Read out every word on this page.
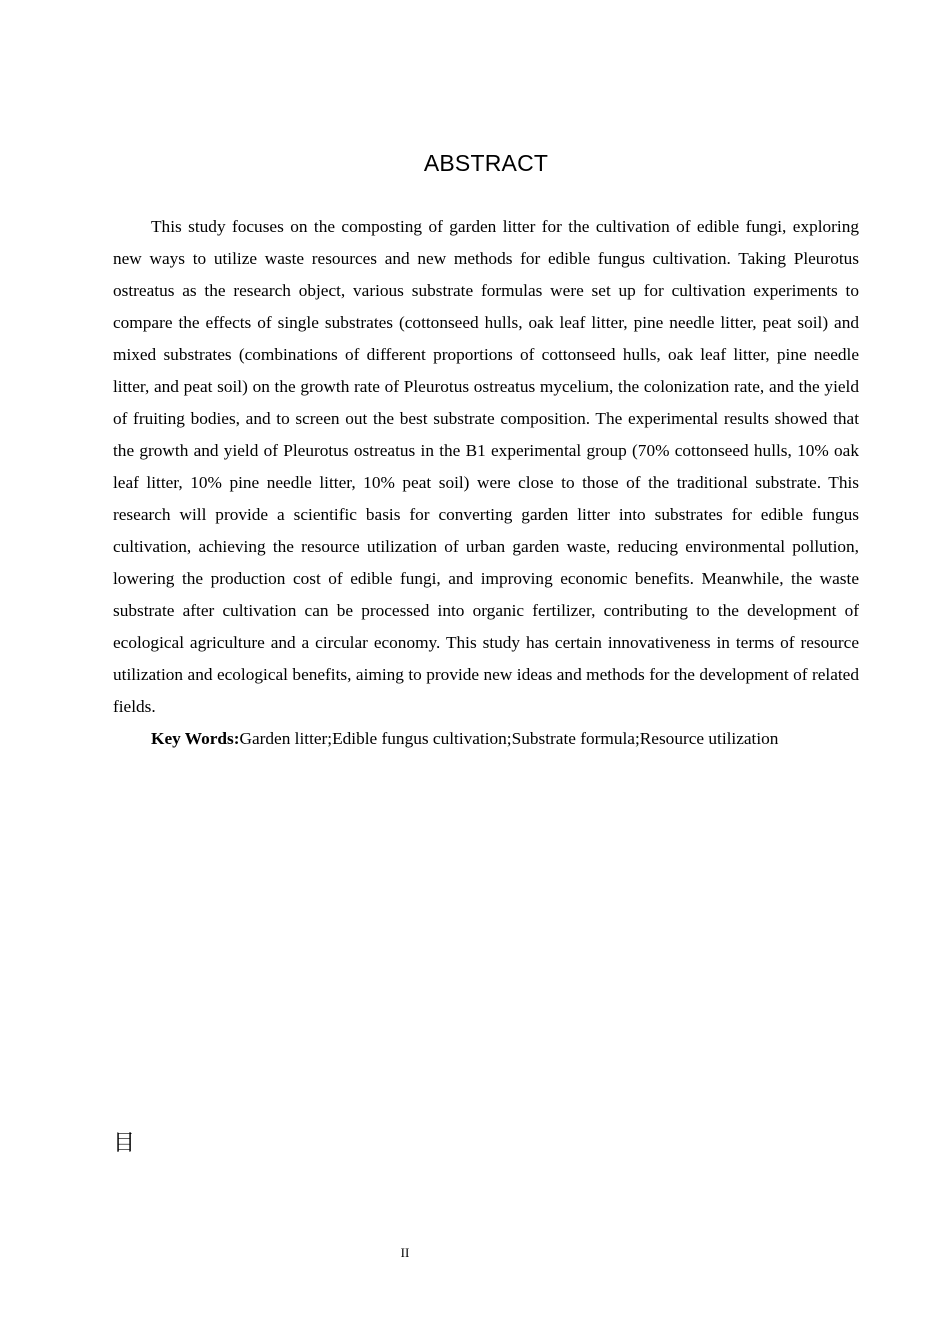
ABSTRACT

This study focuses on the composting of garden litter for the cultivation of edible fungi, exploring new ways to utilize waste resources and new methods for edible fungus cultivation. Taking Pleurotus ostreatus as the research object, various substrate formulas were set up for cultivation experiments to compare the effects of single substrates (cottonseed hulls, oak leaf litter, pine needle litter, peat soil) and mixed substrates (combinations of different proportions of cottonseed hulls, oak leaf litter, pine needle litter, and peat soil) on the growth rate of Pleurotus ostreatus mycelium, the colonization rate, and the yield of fruiting bodies, and to screen out the best substrate composition. The experimental results showed that the growth and yield of Pleurotus ostreatus in the B1 experimental group (70% cottonseed hulls, 10% oak leaf litter, 10% pine needle litter, 10% peat soil) were close to those of the traditional substrate. This research will provide a scientific basis for converting garden litter into substrates for edible fungus cultivation, achieving the resource utilization of urban garden waste, reducing environmental pollution, lowering the production cost of edible fungi, and improving economic benefits. Meanwhile, the waste substrate after cultivation can be processed into organic fertilizer, contributing to the development of ecological agriculture and a circular economy. This study has certain innovativeness in terms of resource utilization and ecological benefits, aiming to provide new ideas and methods for the development of related fields.

Key Words:Garden litter;Edible fungus cultivation;Substrate formula;Resource utilization

目
II
